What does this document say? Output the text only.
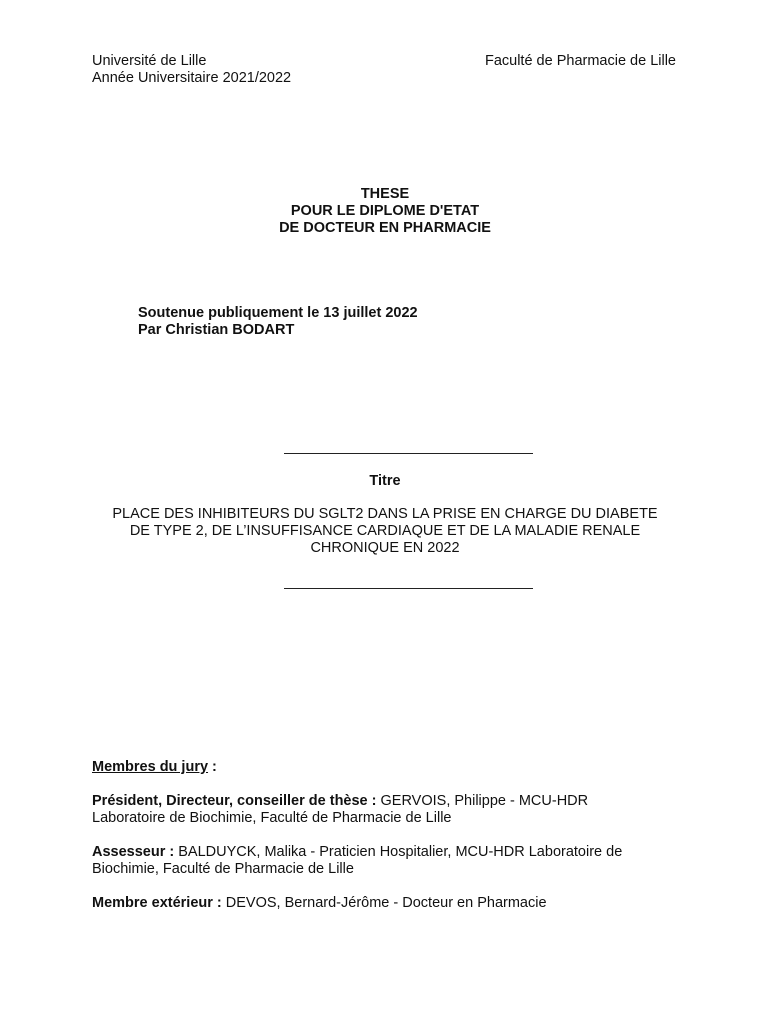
Université de Lille
Année Universitaire 2021/2022
Faculté de Pharmacie de Lille
THESE
POUR LE DIPLOME D'ETAT
DE DOCTEUR EN PHARMACIE
Soutenue publiquement le 13 juillet 2022
Par Christian BODART
Titre
PLACE DES INHIBITEURS DU SGLT2 DANS LA PRISE EN CHARGE DU DIABETE
DE TYPE 2, DE L’INSUFFISANCE CARDIAQUE ET DE LA MALADIE RENALE
CHRONIQUE EN 2022
Membres du jury :
Président, Directeur, conseiller de thèse : GERVOIS, Philippe - MCU-HDR
Laboratoire de Biochimie, Faculté de Pharmacie de Lille
Assesseur : BALDUYCK, Malika - Praticien Hospitalier, MCU-HDR Laboratoire de
Biochimie, Faculté de Pharmacie de Lille
Membre extérieur : DEVOS, Bernard-Jérôme - Docteur en Pharmacie
